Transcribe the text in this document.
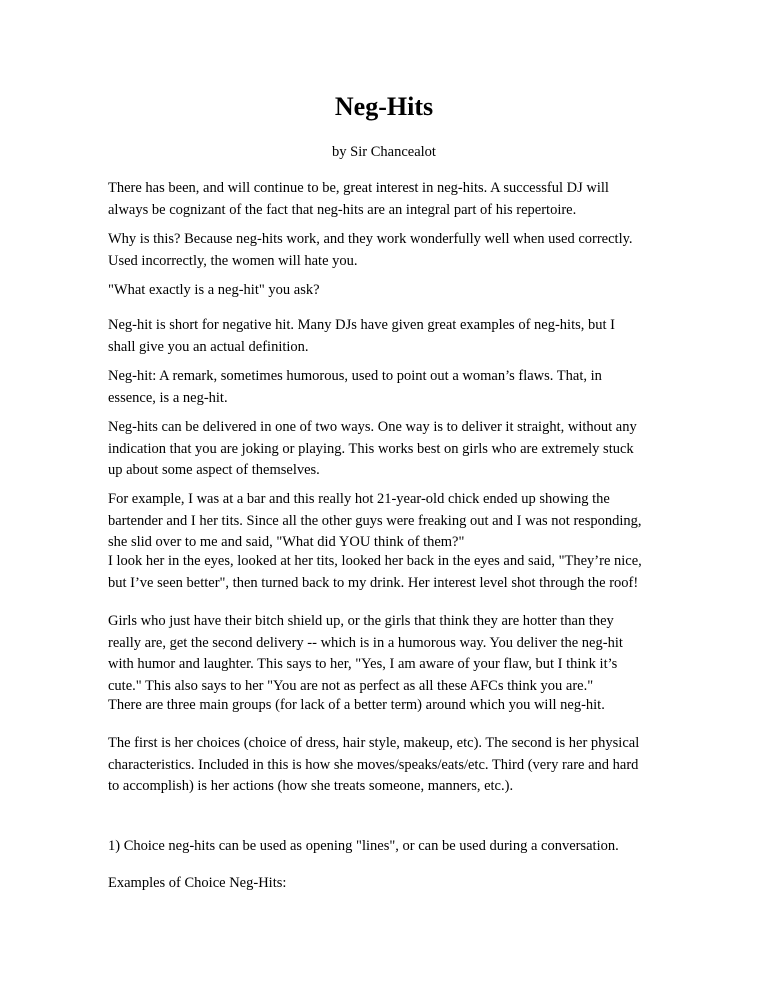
Neg-Hits

by Sir Chancealot

There has been, and will continue to be, great interest in neg-hits. A successful DJ will
always be cognizant of the fact that neg-hits are an integral part of his repertoire.

Why is this? Because neg-hits work, and they work wonderfully well when used correctly.
Used incorrectly, the women will hate you.

"What exactly is a neg-hit" you ask?

Neg-hit is short for negative hit. Many DJs have given great examples of neg-hits, but I
shall give you an actual definition.

Neg-hit: A remark, sometimes humorous, used to point out a woman’s flaws. That, in
essence, is a neg-hit.

Neg-hits can be delivered in one of two ways. One way is to deliver it straight, without any
indication that you are joking or playing. This works best on girls who are extremely stuck
up about some aspect of themselves.

For example, I was at a bar and this really hot 21-year-old chick ended up showing the
bartender and I her tits. Since all the other guys were freaking out and I was not responding,
she slid over to me and said, "What did YOU think of them?"

I look her in the eyes, looked at her tits, looked her back in the eyes and said, "They’re nice,
but I’ve seen better", then turned back to my drink. Her interest level shot through the roof!

Girls who just have their bitch shield up, or the girls that think they are hotter than they
really are, get the second delivery -- which is in a humorous way. You deliver the neg-hit
with humor and laughter. This says to her, "Yes, I am aware of your flaw, but I think it’s
cute." This also says to her "You are not as perfect as all these AFCs think you are."

There are three main groups (for lack of a better term) around which you will neg-hit.

The first is her choices (choice of dress, hair style, makeup, etc). The second is her physical
characteristics. Included in this is how she moves/speaks/eats/etc. Third (very rare and hard
to accomplish) is her actions (how she treats someone, manners, etc.).

1) Choice neg-hits can be used as opening "lines", or can be used during a conversation.

Examples of Choice Neg-Hits:
